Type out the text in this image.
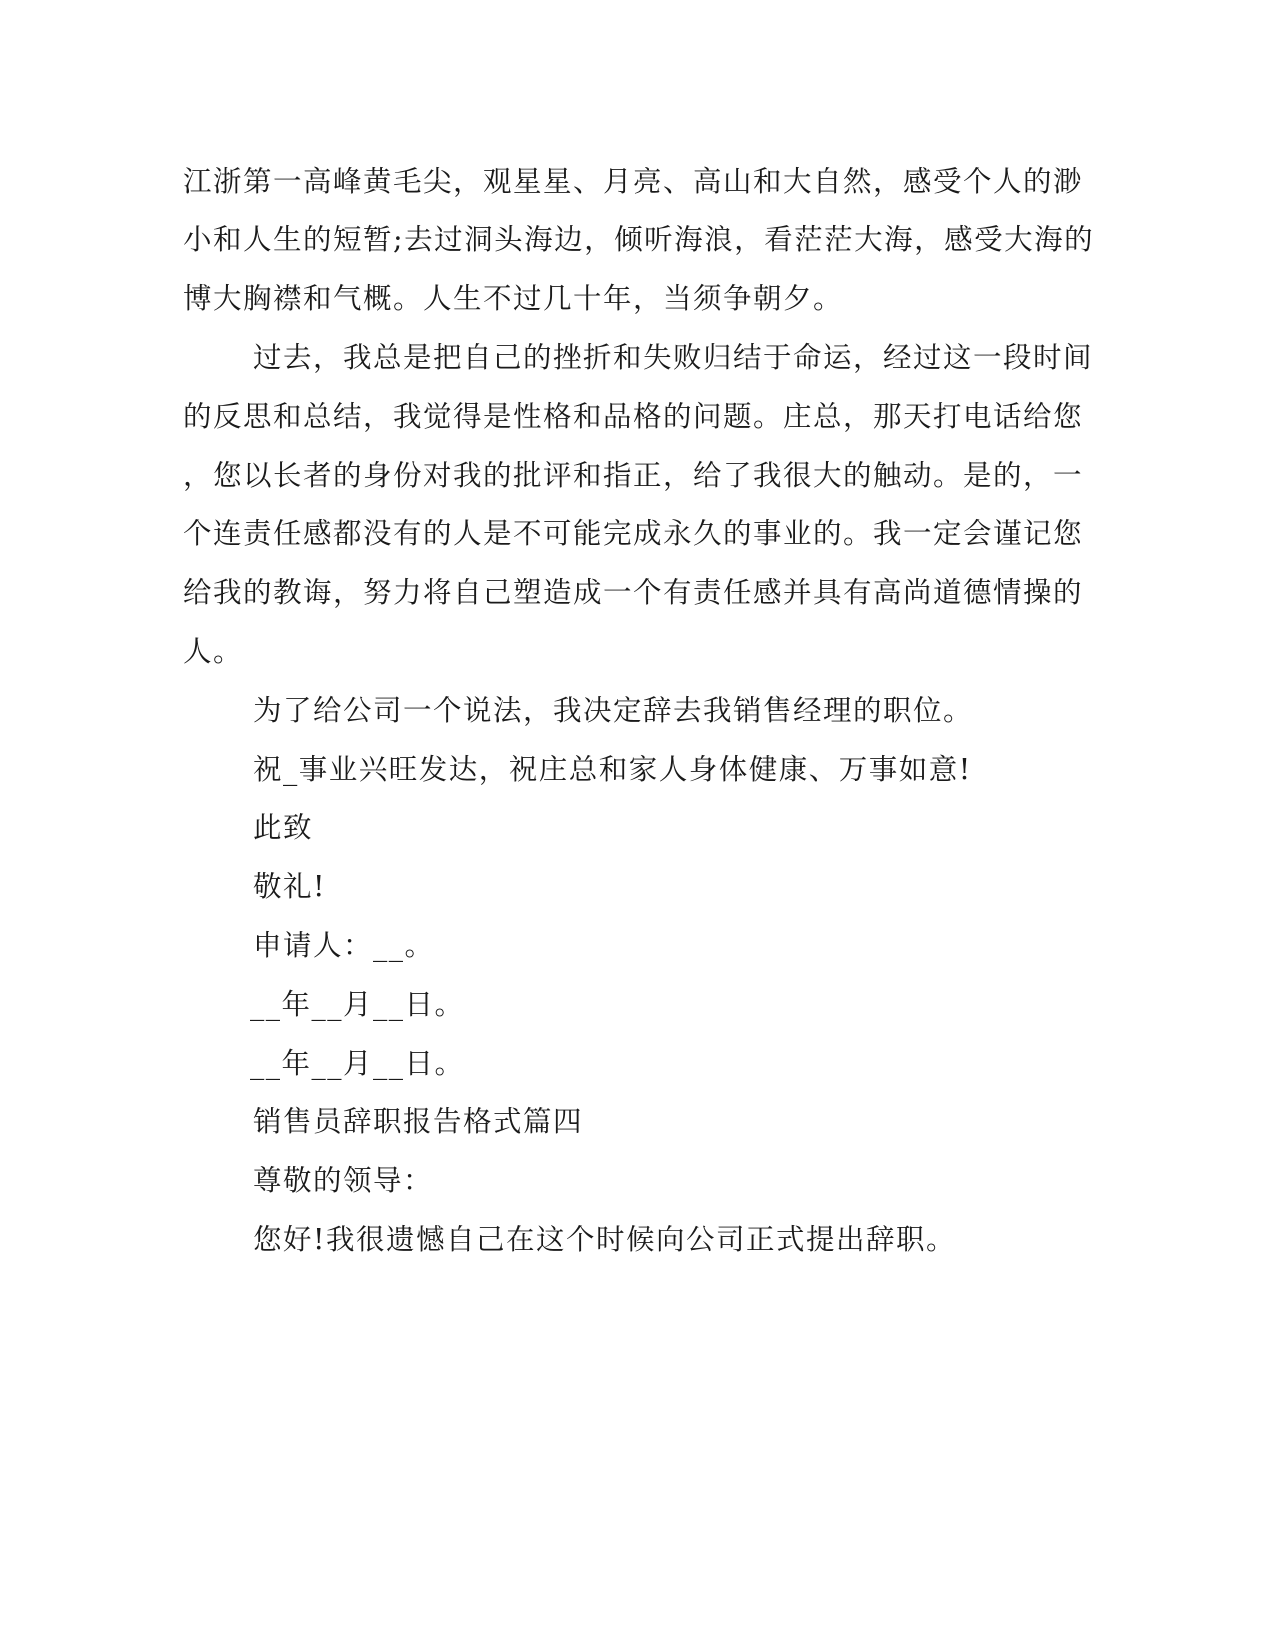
江浙第一高峰黄毛尖，观星星、月亮、高山和大自然，感受个人的渺
小和人生的短暂;去过洞头海边，倾听海浪，看茫茫大海，感受大海的
博大胸襟和气概。人生不过几十年，当须争朝夕。
过去，我总是把自己的挫折和失败归结于命运，经过这一段时间
的反思和总结，我觉得是性格和品格的问题。庄总，那天打电话给您
，您以长者的身份对我的批评和指正，给了我很大的触动。是的，一
个连责任感都没有的人是不可能完成永久的事业的。我一定会谨记您
给我的教诲，努力将自己塑造成一个有责任感并具有高尚道德情操的
人。
为了给公司一个说法，我决定辞去我销售经理的职位。
祝_事业兴旺发达，祝庄总和家人身体健康、万事如意!
此致
敬礼!
申请人：__。
__年__月__日。
__年__月__日。
销售员辞职报告格式篇四
尊敬的领导：
您好!我很遗憾自己在这个时候向公司正式提出辞职。
